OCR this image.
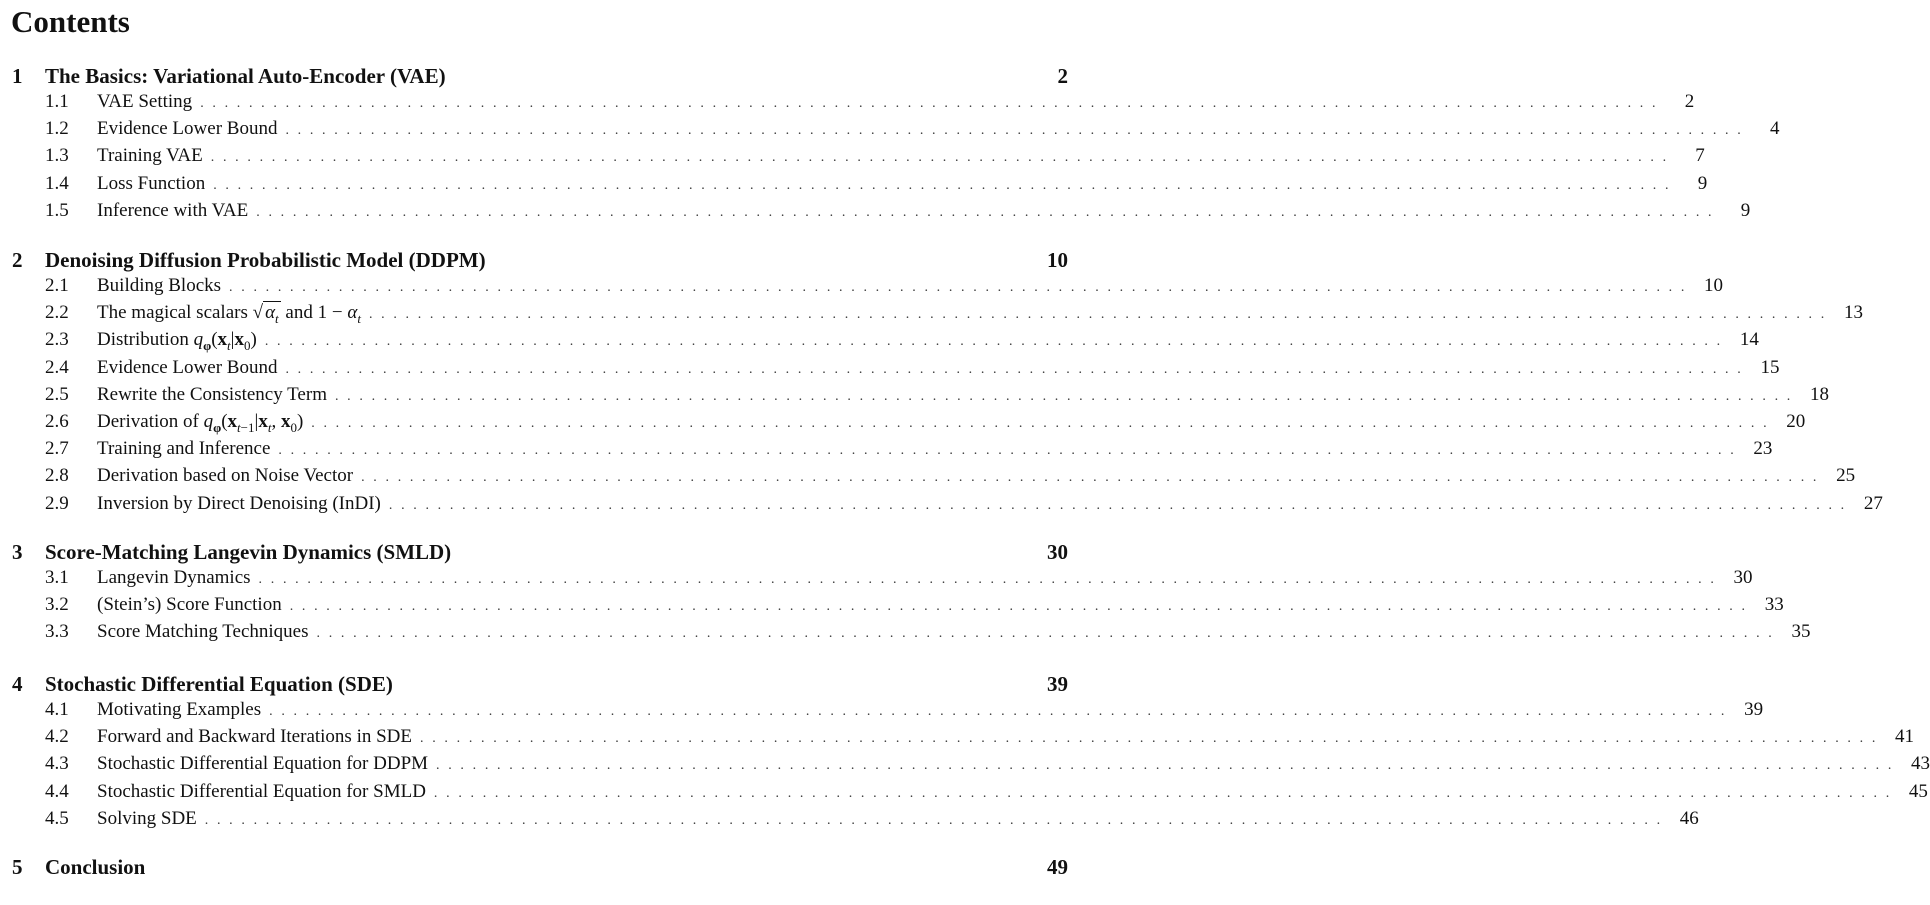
Contents
1	The Basics: Variational Auto-Encoder (VAE)	2
1.1	VAE Setting ........................................................................................................................	2
1.2	Evidence Lower Bound ........................................................................................................................	4
1.3	Training VAE ........................................................................................................................	7
1.4	Loss Function ........................................................................................................................	9
1.5	Inference with VAE ........................................................................................................................	9
2	Denoising Diffusion Probabilistic Model (DDPM)	10
2.1	Building Blocks ........................................................................................................................ 10
2.2	The magical scalars √ $\alpha_t$ and $1 - \alpha_t$ ........................................................................................................................ 13
2.3	Distribution $q_\varphi(x_t|x_0)$ ........................................................................................................................ 14
2.4	Evidence Lower Bound ........................................................................................................................ 15
2.5	Rewrite the Consistency Term ........................................................................................................................ 18
2.6	Derivation of $q_\varphi(x_{t-1}|x_t$, $x_0$) ........................................................................................................................ 20
2.7	Training and Inference ........................................................................................................................ 23
2.8	Derivation based on Noise Vector ........................................................................................................................ 25
2.9	Inversion by Direct Denoising (InDI) ........................................................................................................................ 27
3	Score-Matching Langevin Dynamics (SMLD)	30
3.1	Langevin Dynamics ........................................................................................................................ 30
3.2	(Stein’s) Score Function ........................................................................................................................ 33
3.3	Score Matching Techniques ........................................................................................................................ 35
4	Stochastic Differential Equation (SDE)	39
4.1	Motivating Examples ........................................................................................................................ 39
4.2	Forward and Backward Iterations in SDE ........................................................................................................................ 41
4.3	Stochastic Differential Equation for DDPM ........................................................................................................................ 43
4.4	Stochastic Differential Equation for SMLD ........................................................................................................................ 45
4.5	Solving SDE ........................................................................................................................ 46
5	Conclusion	49
